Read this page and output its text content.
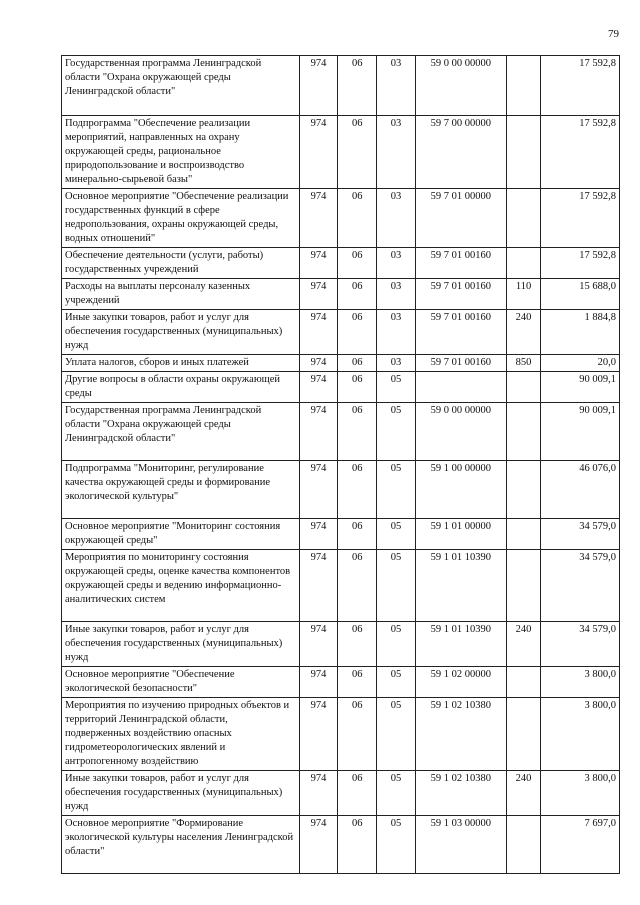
79
Государственная программа Ленинградской области "Охрана окружающей среды Ленинградской области"	974	06	03	59 0 00 00000		17 592,8
Подпрограмма "Обеспечение реализации мероприятий, направленных на охрану окружающей среды, рациональное природопользование и воспроизводство минерально-сырьевой базы"	974	06	03	59 7 00 00000		17 592,8
Основное мероприятие "Обеспечение реализации государственных функций в сфере недропользования, охраны окружающей среды, водных отношений"	974	06	03	59 7 01 00000		17 592,8
Обеспечение деятельности (услуги, работы) государственных учреждений	974	06	03	59 7 01 00160		17 592,8
Расходы на выплаты персоналу казенных учреждений	974	06	03	59 7 01 00160	110	15 688,0
Иные закупки товаров, работ и услуг для обеспечения государственных (муниципальных) нужд	974	06	03	59 7 01 00160	240	1 884,8
Уплата налогов, сборов и иных платежей	974	06	03	59 7 01 00160	850	20,0
Другие вопросы в области охраны окружающей среды	974	06	05			90 009,1
Государственная программа Ленинградской области "Охрана окружающей среды Ленинградской области"	974	06	05	59 0 00 00000		90 009,1
Подпрограмма "Мониторинг, регулирование качества окружающей среды и формирование экологической культуры"	974	06	05	59 1 00 00000		46 076,0
Основное мероприятие "Мониторинг состояния окружающей среды"	974	06	05	59 1 01 00000		34 579,0
Мероприятия по мониторингу состояния окружающей среды, оценке качества компонентов окружающей среды и ведению информационно-аналитических систем	974	06	05	59 1 01 10390		34 579,0
Иные закупки товаров, работ и услуг для обеспечения государственных (муниципальных) нужд	974	06	05	59 1 01 10390	240	34 579,0
Основное мероприятие "Обеспечение экологической безопасности"	974	06	05	59 1 02 00000		3 800,0
Мероприятия по изучению природных объектов и территорий Ленинградской области, подверженных воздействию опасных гидрометеорологических явлений и антропогенному воздействию	974	06	05	59 1 02 10380		3 800,0
Иные закупки товаров, работ и услуг для обеспечения государственных (муниципальных) нужд	974	06	05	59 1 02 10380	240	3 800,0
Основное мероприятие "Формирование экологической культуры населения Ленинградской области"	974	06	05	59 1 03 00000		7 697,0
